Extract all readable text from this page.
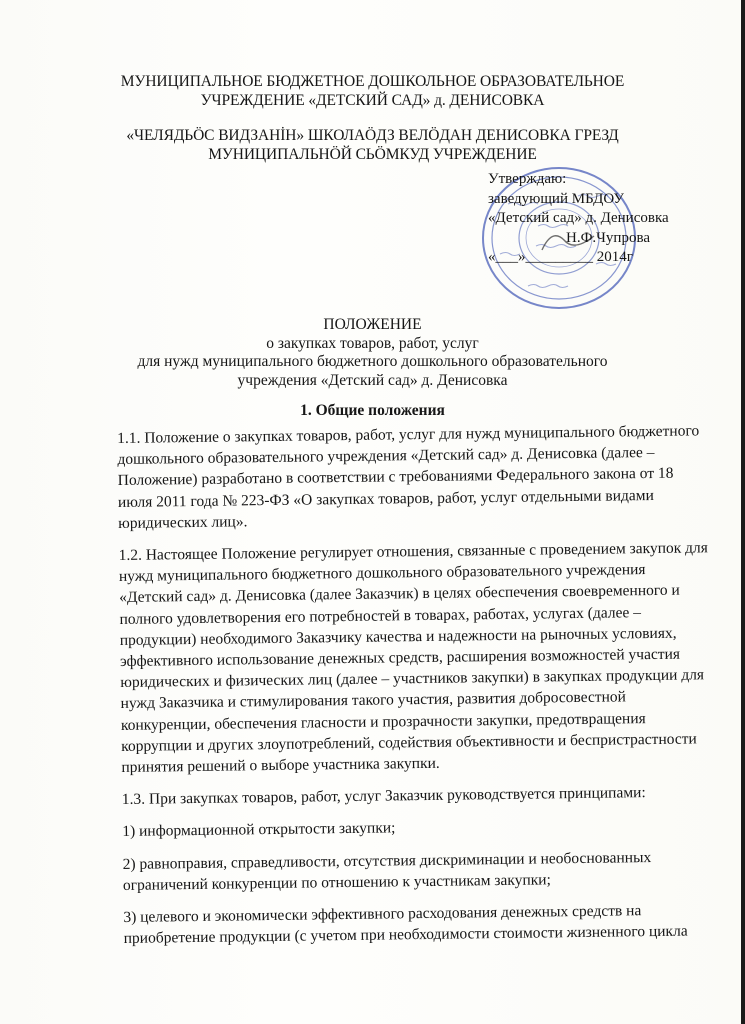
МУНИЦИПАЛЬНОЕ БЮДЖЕТНОЕ ДОШКОЛЬНОЕ ОБРАЗОВАТЕЛЬНОЕ
УЧРЕЖДЕНИЕ «ДЕТСКИЙ САД» д. ДЕНИСОВКА
«ЧЕЛЯДЬÖС ВИДЗАНİН» ШКОЛАÖДЗ ВЕЛÖДАН ДЕНИСОВКА ГРЕЗД
МУНИЦИПАЛЬНÖЙ СЬÖМКУД УЧРЕЖДЕНИЕ
Утверждаю:
заведующий МБДОУ
«Детский сад» д. Денисовка
Н.Ф.Чупрова
«___»_________ 2014г
ПОЛОЖЕНИЕ
о закупках товаров, работ, услуг
для нужд муниципального бюджетного дошкольного образовательного
учреждения «Детский сад» д. Денисовка
1. Общие положения

1.1. Положение о закупках товаров, работ, услуг для нужд муниципального бюджетного дошкольного образовательного учреждения «Детский сад» д. Денисовка (далее – Положение) разработано в соответствии с требованиями Федерального закона от 18 июля 2011 года № 223-ФЗ «О закупках товаров, работ, услуг отдельными видами юридических лиц».

1.2. Настоящее Положение регулирует отношения, связанные с проведением закупок для нужд муниципального бюджетного дошкольного образовательного учреждения «Детский сад» д. Денисовка (далее Заказчик) в целях обеспечения своевременного и полного удовлетворения его потребностей в товарах, работах, услугах (далее – продукции) необходимого Заказчику качества и надежности на рыночных условиях, эффективного использование денежных средств, расширения возможностей участия юридических и физических лиц (далее – участников закупки) в закупках продукции для нужд Заказчика и стимулирования такого участия, развития добросовестной конкуренции, обеспечения гласности и прозрачности закупки, предотвращения коррупции и других злоупотреблений, содействия объективности и беспристрастности принятия решений о выборе участника закупки.

1.3. При закупках товаров, работ, услуг Заказчик руководствуется принципами:

1) информационной открытости закупки;

2) равноправия, справедливости, отсутствия дискриминации и необоснованных ограничений конкуренции по отношению к участникам закупки;

3) целевого и экономически эффективного расходования денежных средств на приобретение продукции (с учетом при необходимости стоимости жизненного цикла
